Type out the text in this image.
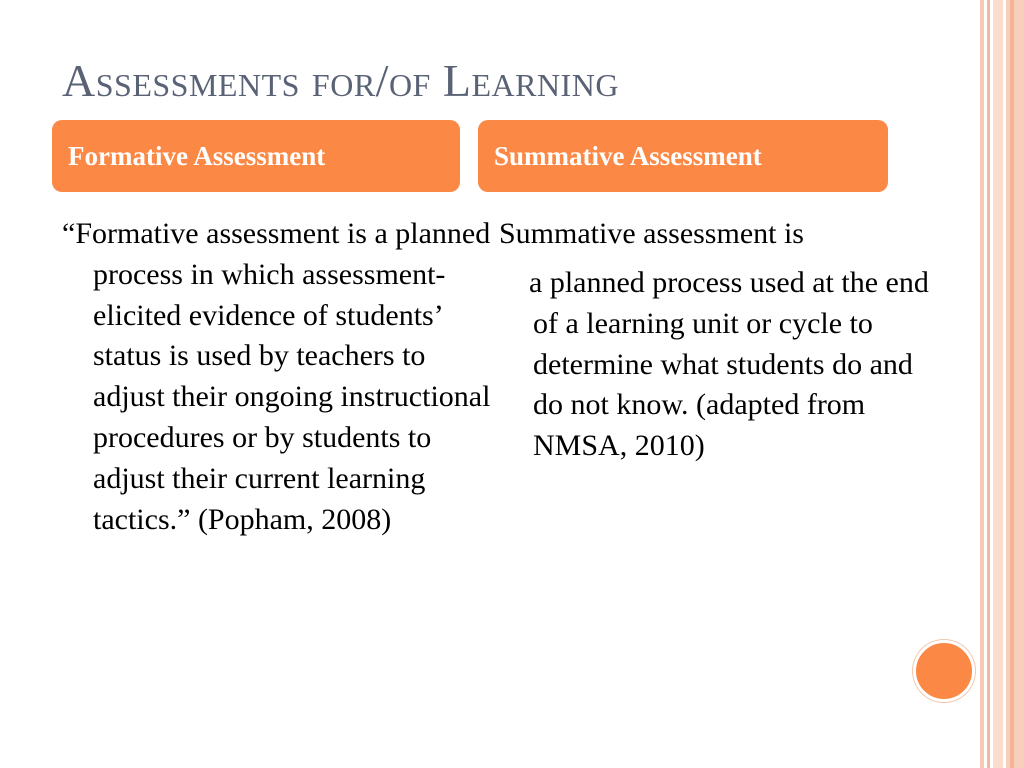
Assessments for/of Learning
Formative Assessment	Summative Assessment
“Formative assessment is a planned process in which assessment-elicited evidence of students’ status is used by teachers to adjust their ongoing instructional procedures or by students to adjust their current learning tactics.” (Popham, 2008)
Summative assessment is
a planned process used at the end of a learning unit or cycle to determine what students do and do not know. (adapted from NMSA, 2010)
